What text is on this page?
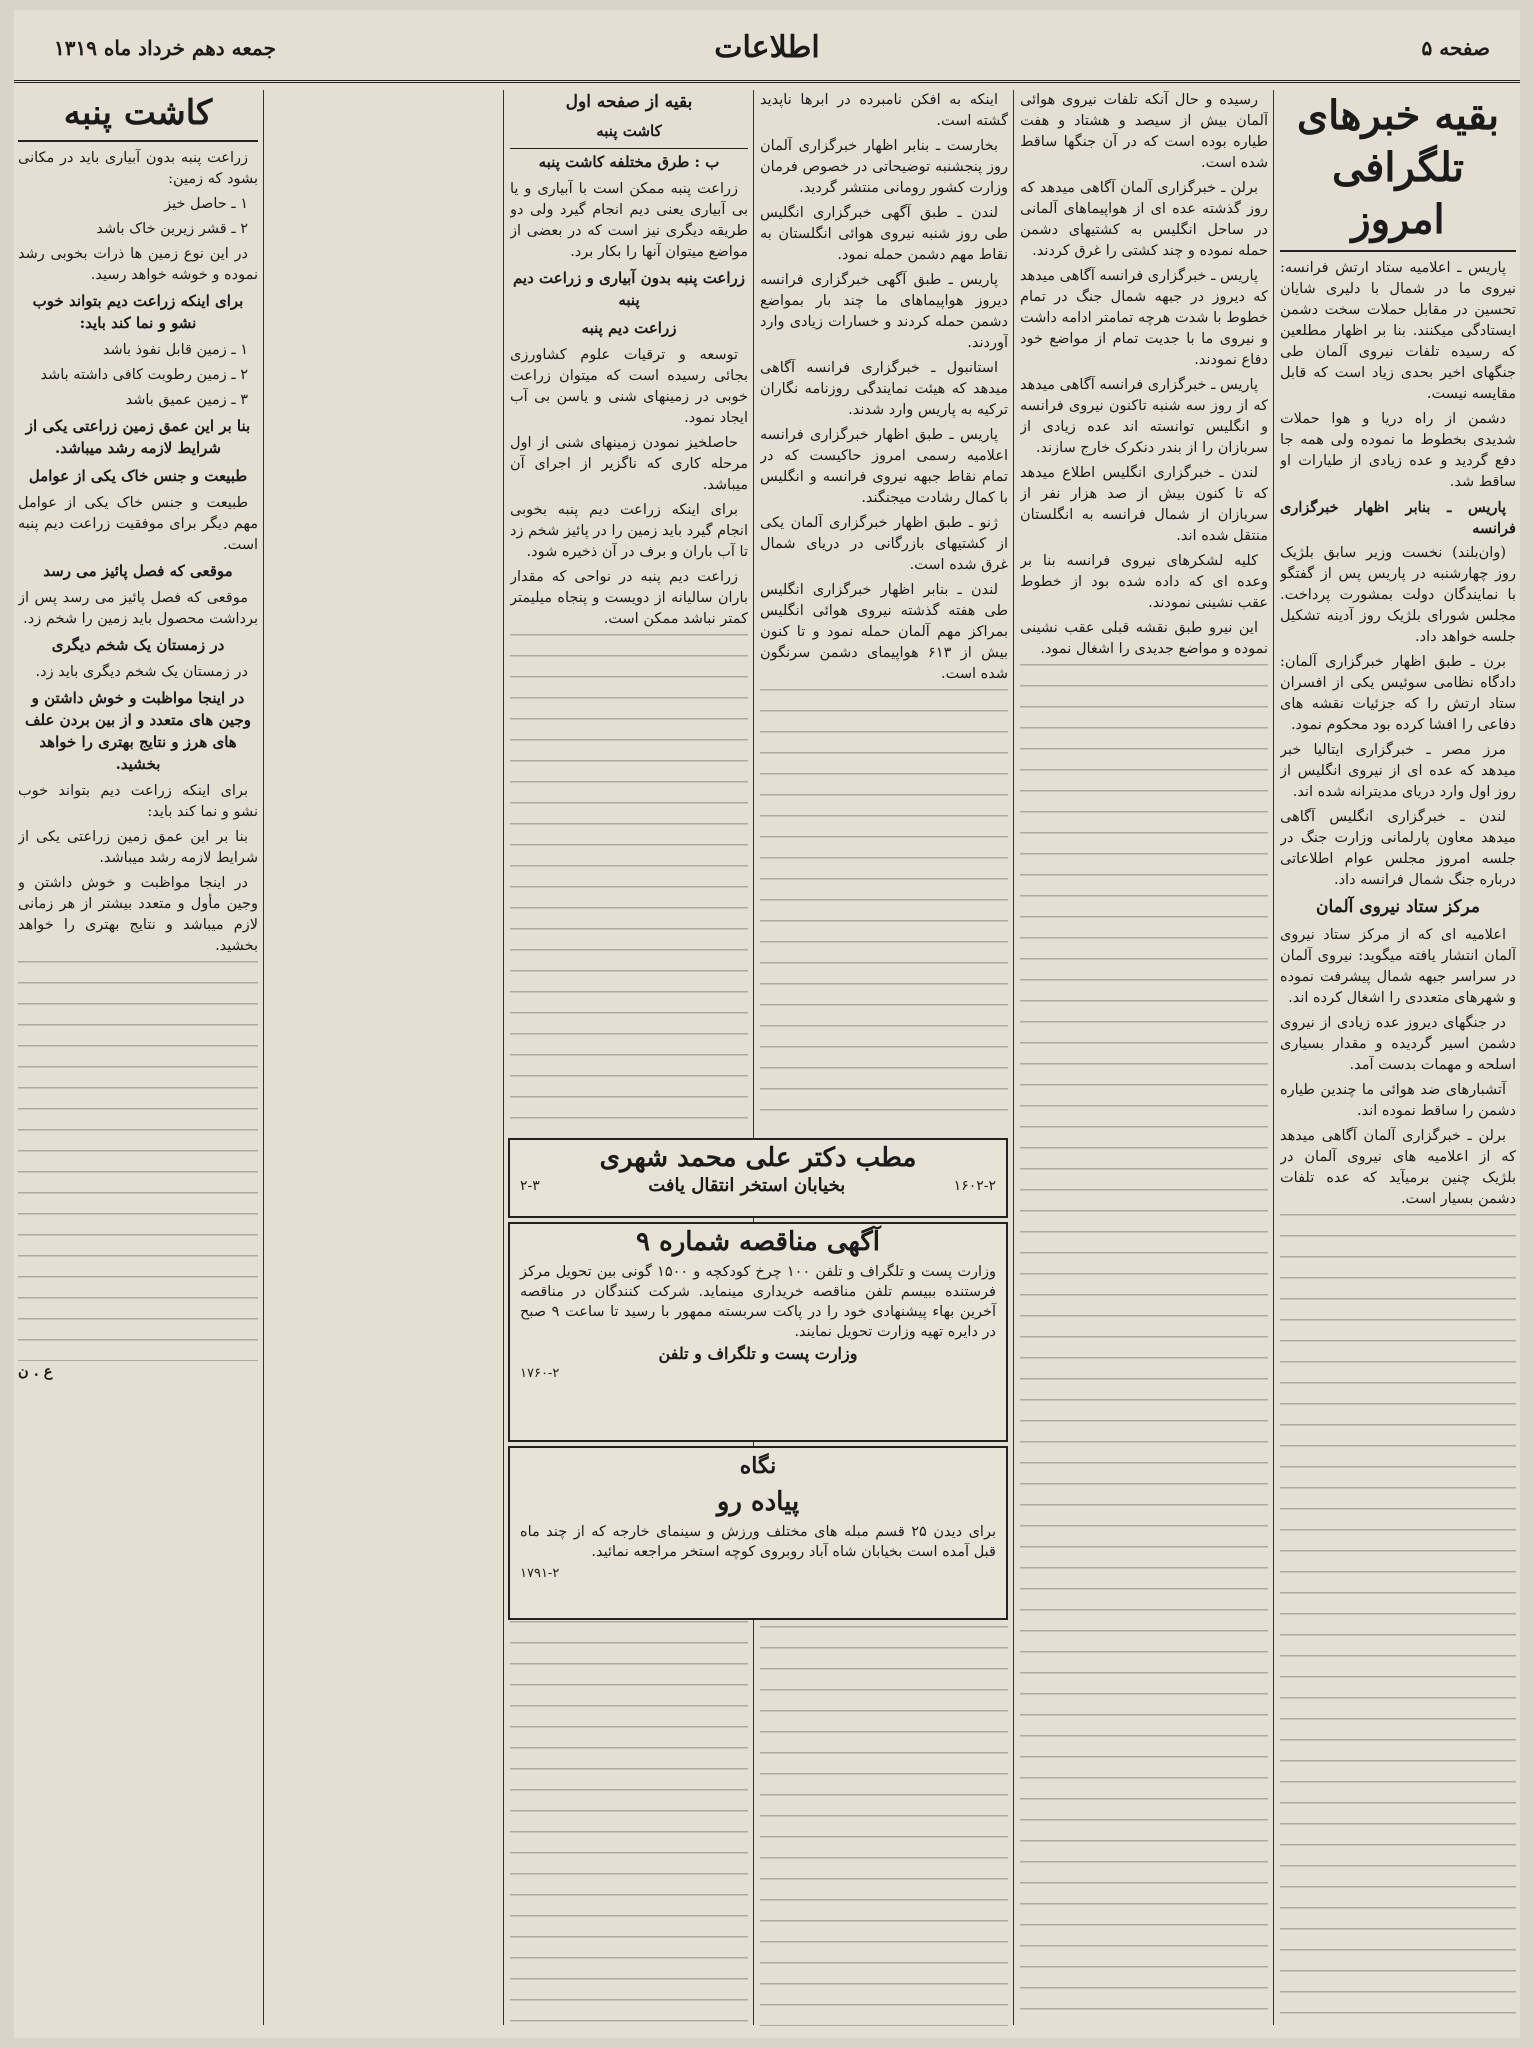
صفحه ۵
اطلاعات
جمعه دهم خرداد ماه ۱۳۱۹
بقیه خبرهای تلگرافی امروز

پاریس ـ اعلامیه ستاد ارتش فرانسه: نیروی ما در شمال با دلیری شایان تحسین در مقابل حملات سخت دشمن ایستادگی میکنند. بنا بر اظهار مطلعین که رسیده تلفات نیروی آلمان طی جنگهای اخیر بحدی زیاد است که قابل مقایسه نیست.

دشمن از راه دریا و هوا حملات شدیدی بخطوط ما نموده ولی همه جا دفع گردید و عده زیادی از طیارات او ساقط شد.

پاریس ـ بنابر اظهار خبرگزاری فرانسه

(وان‌بلند) نخست وزیر سابق بلژیک روز چهارشنبه در پاریس پس از گفتگو با نمایندگان دولت بمشورت پرداخت. مجلس شورای بلژیک روز آدینه تشکیل جلسه خواهد داد.

برن ـ طبق اظهار خبرگزاری آلمان: دادگاه نظامی سوئیس یکی از افسران ستاد ارتش را که جزئیات نقشه های دفاعی را افشا کرده بود محکوم نمود.

مرز مصر ـ خبرگزاری ایتالیا خبر میدهد که عده ای از نیروی انگلیس از روز اول وارد دریای مدیترانه شده اند.

لندن ـ خبرگزاری انگلیس آگاهی میدهد معاون پارلمانی وزارت جنگ در جلسه امروز مجلس عوام اطلاعاتی درباره جنگ شمال فرانسه داد.

مرکز ستاد نیروی آلمان

اعلامیه ای که از مرکز ستاد نیروی آلمان انتشار یافته میگوید: نیروی آلمان در سراسر جبهه شمال پیشرفت نموده و شهرهای متعددی را اشغال کرده اند.

در جنگهای دیروز عده زیادی از نیروی دشمن اسیر گردیده و مقدار بسیاری اسلحه و مهمات بدست آمد.

آتشبارهای ضد هوائی ما چندین طیاره دشمن را ساقط نموده اند.

برلن ـ خبرگزاری آلمان آگاهی میدهد که از اعلامیه های نیروی آلمان در بلژیک چنین برمیآید که عده تلفات دشمن بسیار است.

رسیده و حال آنکه تلفات نیروی هوائی آلمان بیش از سیصد و هشتاد و هفت طیاره بوده است که در آن جنگها ساقط شده است.

برلن ـ خبرگزاری آلمان آگاهی میدهد که روز گذشته عده ای از هواپیماهای آلمانی در ساحل انگلیس به کشتیهای دشمن حمله نموده و چند کشتی را غرق کردند.

پاریس ـ خبرگزاری فرانسه آگاهی میدهد که دیروز در جبهه شمال جنگ در تمام خطوط با شدت هرچه تمامتر ادامه داشت و نیروی ما با جدیت تمام از مواضع خود دفاع نمودند.

پاریس ـ خبرگزاری فرانسه آگاهی میدهد که از روز سه شنبه تاکنون نیروی فرانسه و انگلیس توانسته اند عده زیادی از سربازان را از بندر دنکرک خارج سازند.

لندن ـ خبرگزاری انگلیس اطلاع میدهد که تا کنون بیش از صد هزار نفر از سربازان از شمال فرانسه به انگلستان منتقل شده اند.

کلیه لشکرهای نیروی فرانسه بنا بر وعده ای که داده شده بود از خطوط عقب نشینی نمودند.

این نیرو طبق نقشه قبلی عقب نشینی نموده و مواضع جدیدی را اشغال نمود.

اینکه به افکن نامبرده در ابرها ناپدید گشته است.

بخارست ـ بنابر اظهار خبرگزاری آلمان روز پنجشنبه توضیحاتی در خصوص فرمان وزارت کشور رومانی منتشر گردید.

لندن ـ طبق آگهی خبرگزاری انگلیس طی روز شنبه نیروی هوائی انگلستان به نقاط مهم دشمن حمله نمود.

پاریس ـ طبق آگهی خبرگزاری فرانسه دیروز هواپیماهای ما چند بار بمواضع دشمن حمله کردند و خسارات زیادی وارد آوردند.

استانبول ـ خبرگزاری فرانسه آگاهی میدهد که هیئت نمایندگی روزنامه نگاران ترکیه به پاریس وارد شدند.

پاریس ـ طبق اظهار خبرگزاری فرانسه اعلامیه رسمی امروز حاکیست که در تمام نقاط جبهه نیروی فرانسه و انگلیس با کمال رشادت میجنگند.

ژنو ـ طبق اظهار خبرگزاری آلمان یکی از کشتیهای بازرگانی در دریای شمال غرق شده است.

لندن ـ بنابر اظهار خبرگزاری انگلیس طی هفته گذشته نیروی هوائی انگلیس بمراکز مهم آلمان حمله نمود و تا کنون بیش از ۶۱۳ هواپیمای دشمن سرنگون شده است.

بقیه از صفحه اول
کاشت پنبه
ب : طرق مختلفه کاشت پنبه

زراعت پنبه ممکن است با آبیاری و یا بی آبیاری یعنی دیم انجام گیرد ولی دو طریقه دیگری نیز است که در بعضی از مواضع میتوان آنها را بکار برد.

زراعت پنبه بدون آبیاری و زراعت دیم پنبه
زراعت دیم پنبه

توسعه و ترقیات علوم کشاورزی بجائی رسیده است که میتوان زراعت خوبی در زمینهای شنی و یاسن بی آب ایجاد نمود.

حاصلخیز نمودن زمینهای شنی از اول مرحله کاری که ناگزیر از اجرای آن میباشد.

برای اینکه زراعت دیم پنبه بخوبی انجام گیرد باید زمین را در پائیز شخم زد تا آب باران و برف در آن ذخیره شود.

زراعت دیم پنبه در نواحی که مقدار باران سالیانه از دویست و پنجاه میلیمتر کمتر نباشد ممکن است.

کاشت پنبه

زراعت پنبه بدون آبیاری باید در مکانی بشود که زمین:

۱ ـ حاصل خیز

۲ ـ قشر زیرین خاک باشد

در این نوع زمین ها ذرات بخوبی رشد نموده و خوشه خواهد رسید.

برای اینکه زراعت دیم بتواند خوب نشو و نما کند باید:

۱ ـ زمین قابل نفوذ باشد

۲ ـ زمین رطوبت کافی داشته باشد

۳ ـ زمین عمیق باشد

بنا بر این عمق زمین زراعتی یکی از شرایط لازمه رشد میباشد.
طبیعت و جنس خاک یکی از عوامل

طبیعت و جنس خاک یکی از عوامل مهم دیگر برای موفقیت زراعت دیم پنبه است.

موقعی که فصل پائیز می رسد

موقعی که فصل پائیز می رسد پس از برداشت محصول باید زمین را شخم زد.

در زمستان یک شخم دیگری

در زمستان یک شخم دیگری باید زد.

در اینجا مواظبت و خوش داشتن و وجین های متعدد و از بین بردن علف های هرز و نتایج بهتری را خواهد بخشید.

برای اینکه زراعت دیم بتواند خوب نشو و نما کند باید:

بنا بر این عمق زمین زراعتی یکی از شرایط لازمه رشد میباشد.

در اینجا مواظبت و خوش داشتن و وجین مأول و متعدد بیشتر از هر زمانی لازم میباشد و نتایج بهتری را خواهد بخشید.

ع . ن
مطب دکتر علی محمد شهری
۱۶۰۲-۲
بخیابان استخر انتقال یافت
۲-۳
آگهی مناقصه شماره ۹
وزارت پست و تلگراف و تلفن ۱۰۰ چرخ کودکچه و ۱۵۰۰ گونی بین تحویل مرکز فرستنده ببیسم تلفن مناقصه خریداری مینماید. شرکت کنندگان در مناقصه آخرین بهاء پیشنهادی خود را در پاکت سربسته ممهور با رسید تا ساعت ۹ صبح در دایره تهیه وزارت تحویل نمایند.
وزارت پست و تلگراف و تلفن
۱۷۶۰-۲
نگاه
پیاده رو
برای دیدن ۲۵ قسم مبله های مختلف ورزش و سینمای خارجه که از چند ماه قبل آمده است بخیابان شاه آباد روبروی کوچه استخر مراجعه نمائید.
۱۷۹۱-۲
